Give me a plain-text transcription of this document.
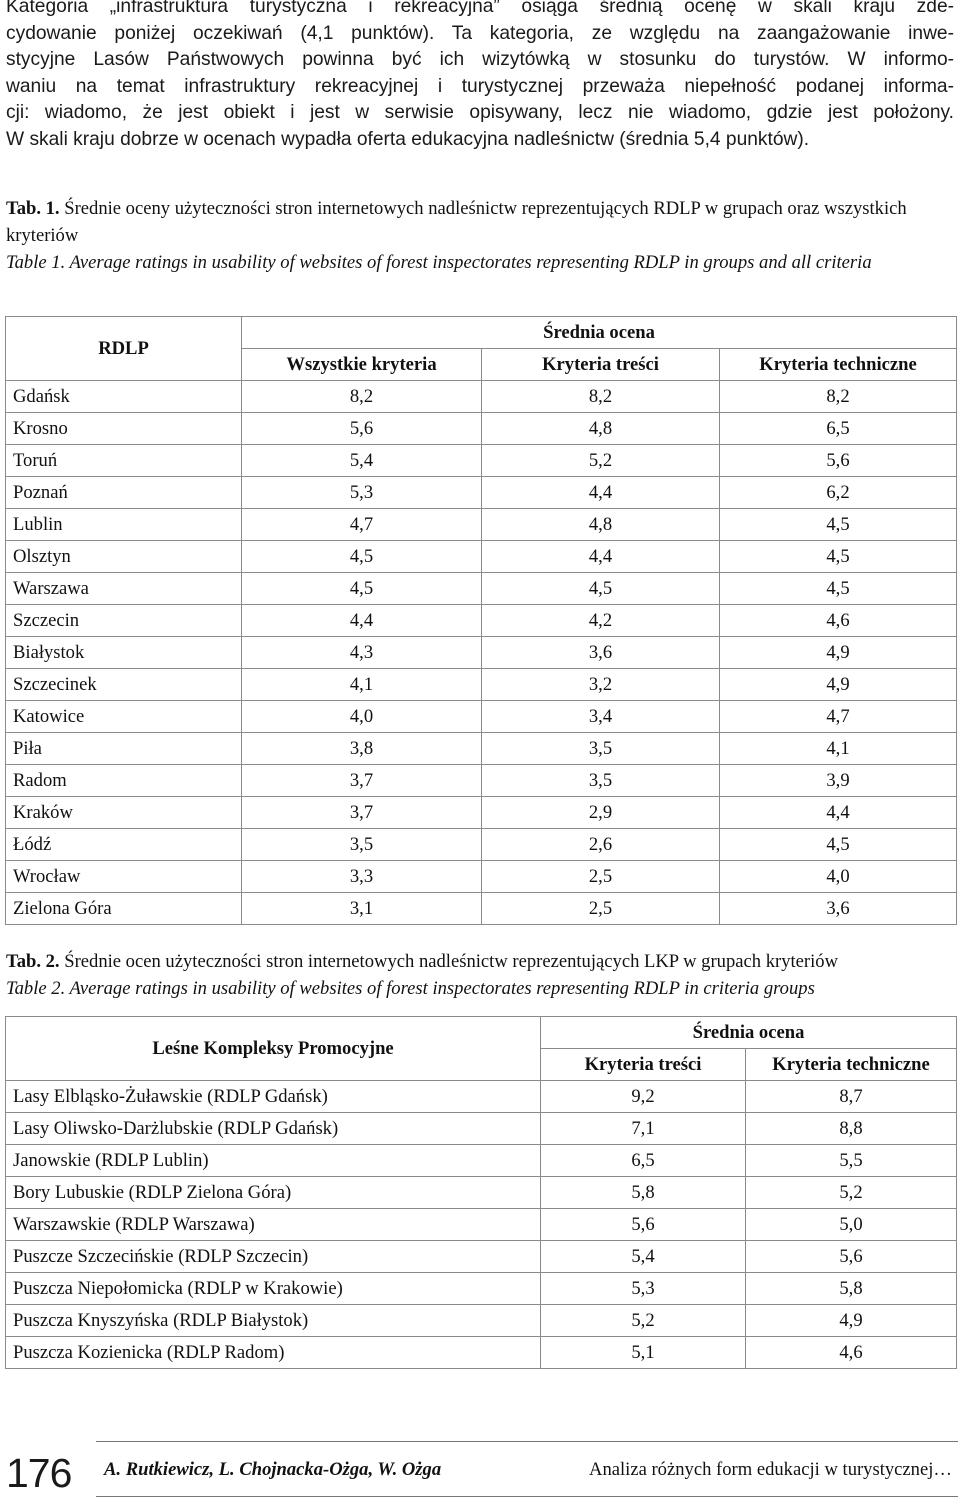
Kategoria „infrastruktura turystyczna i rekreacyjna” osiąga średnią ocenę w skali kraju zde-

cydowanie poniżej oczekiwań (4,1 punktów). Ta kategoria, ze względu na zaangażowanie inwe-

stycyjne Lasów Państwowych powinna być ich wizytówką w stosunku do turystów. W informo-

waniu na temat infrastruktury rekreacyjnej i turystycznej przeważa niepełność podanej informa-

cji: wiadomo, że jest obiekt i jest w serwisie opisywany, lecz nie wiadomo, gdzie jest położony.

W skali kraju dobrze w ocenach wypadła oferta edukacyjna nadleśnictw (średnia 5,4 punktów).

Tab. 1. Średnie oceny użyteczności stron internetowych nadleśnictw reprezentujących RDLP w grupach oraz wszystkich kryteriów
Table 1. Average ratings in usability of websites of forest inspectorates representing RDLP in groups and all criteria
RDLP	Średnia ocena		
	Wszystkie kryteria	Kryteria treści	Kryteria techniczne
Gdańsk	8,2	8,2	8,2
Krosno	5,6	4,8	6,5
Toruń	5,4	5,2	5,6
Poznań	5,3	4,4	6,2
Lublin	4,7	4,8	4,5
Olsztyn	4,5	4,4	4,5
Warszawa	4,5	4,5	4,5
Szczecin	4,4	4,2	4,6
Białystok	4,3	3,6	4,9
Szczecinek	4,1	3,2	4,9
Katowice	4,0	3,4	4,7
Piła	3,8	3,5	4,1
Radom	3,7	3,5	3,9
Kraków	3,7	2,9	4,4
Łódź	3,5	2,6	4,5
Wrocław	3,3	2,5	4,0
Zielona Góra	3,1	2,5	3,6
Tab. 2. Średnie ocen użyteczności stron internetowych nadleśnictw reprezentujących LKP w grupach kryteriów
Table 2. Average ratings in usability of websites of forest inspectorates representing RDLP in criteria groups
Leśne Kompleksy Promocyjne	Średnia ocena	
	Kryteria treści	Kryteria techniczne
Lasy Elbląsko-Żuławskie (RDLP Gdańsk)	9,2	8,7
Lasy Oliwsko-Darżlubskie (RDLP Gdańsk)	7,1	8,8
Janowskie (RDLP Lublin)	6,5	5,5
Bory Lubuskie (RDLP Zielona Góra)	5,8	5,2
Warszawskie (RDLP Warszawa)	5,6	5,0
Puszcze Szczecińskie (RDLP Szczecin)	5,4	5,6
Puszcza Niepołomicka (RDLP w Krakowie)	5,3	5,8
Puszcza Knyszyńska (RDLP Białystok)	5,2	4,9
Puszcza Kozienicka (RDLP Radom)	5,1	4,6
176 A. Rutkiewicz, L. Chojnacka-Ożga, W. Ożga	Analiza różnych form edukacji w turystycznej…
